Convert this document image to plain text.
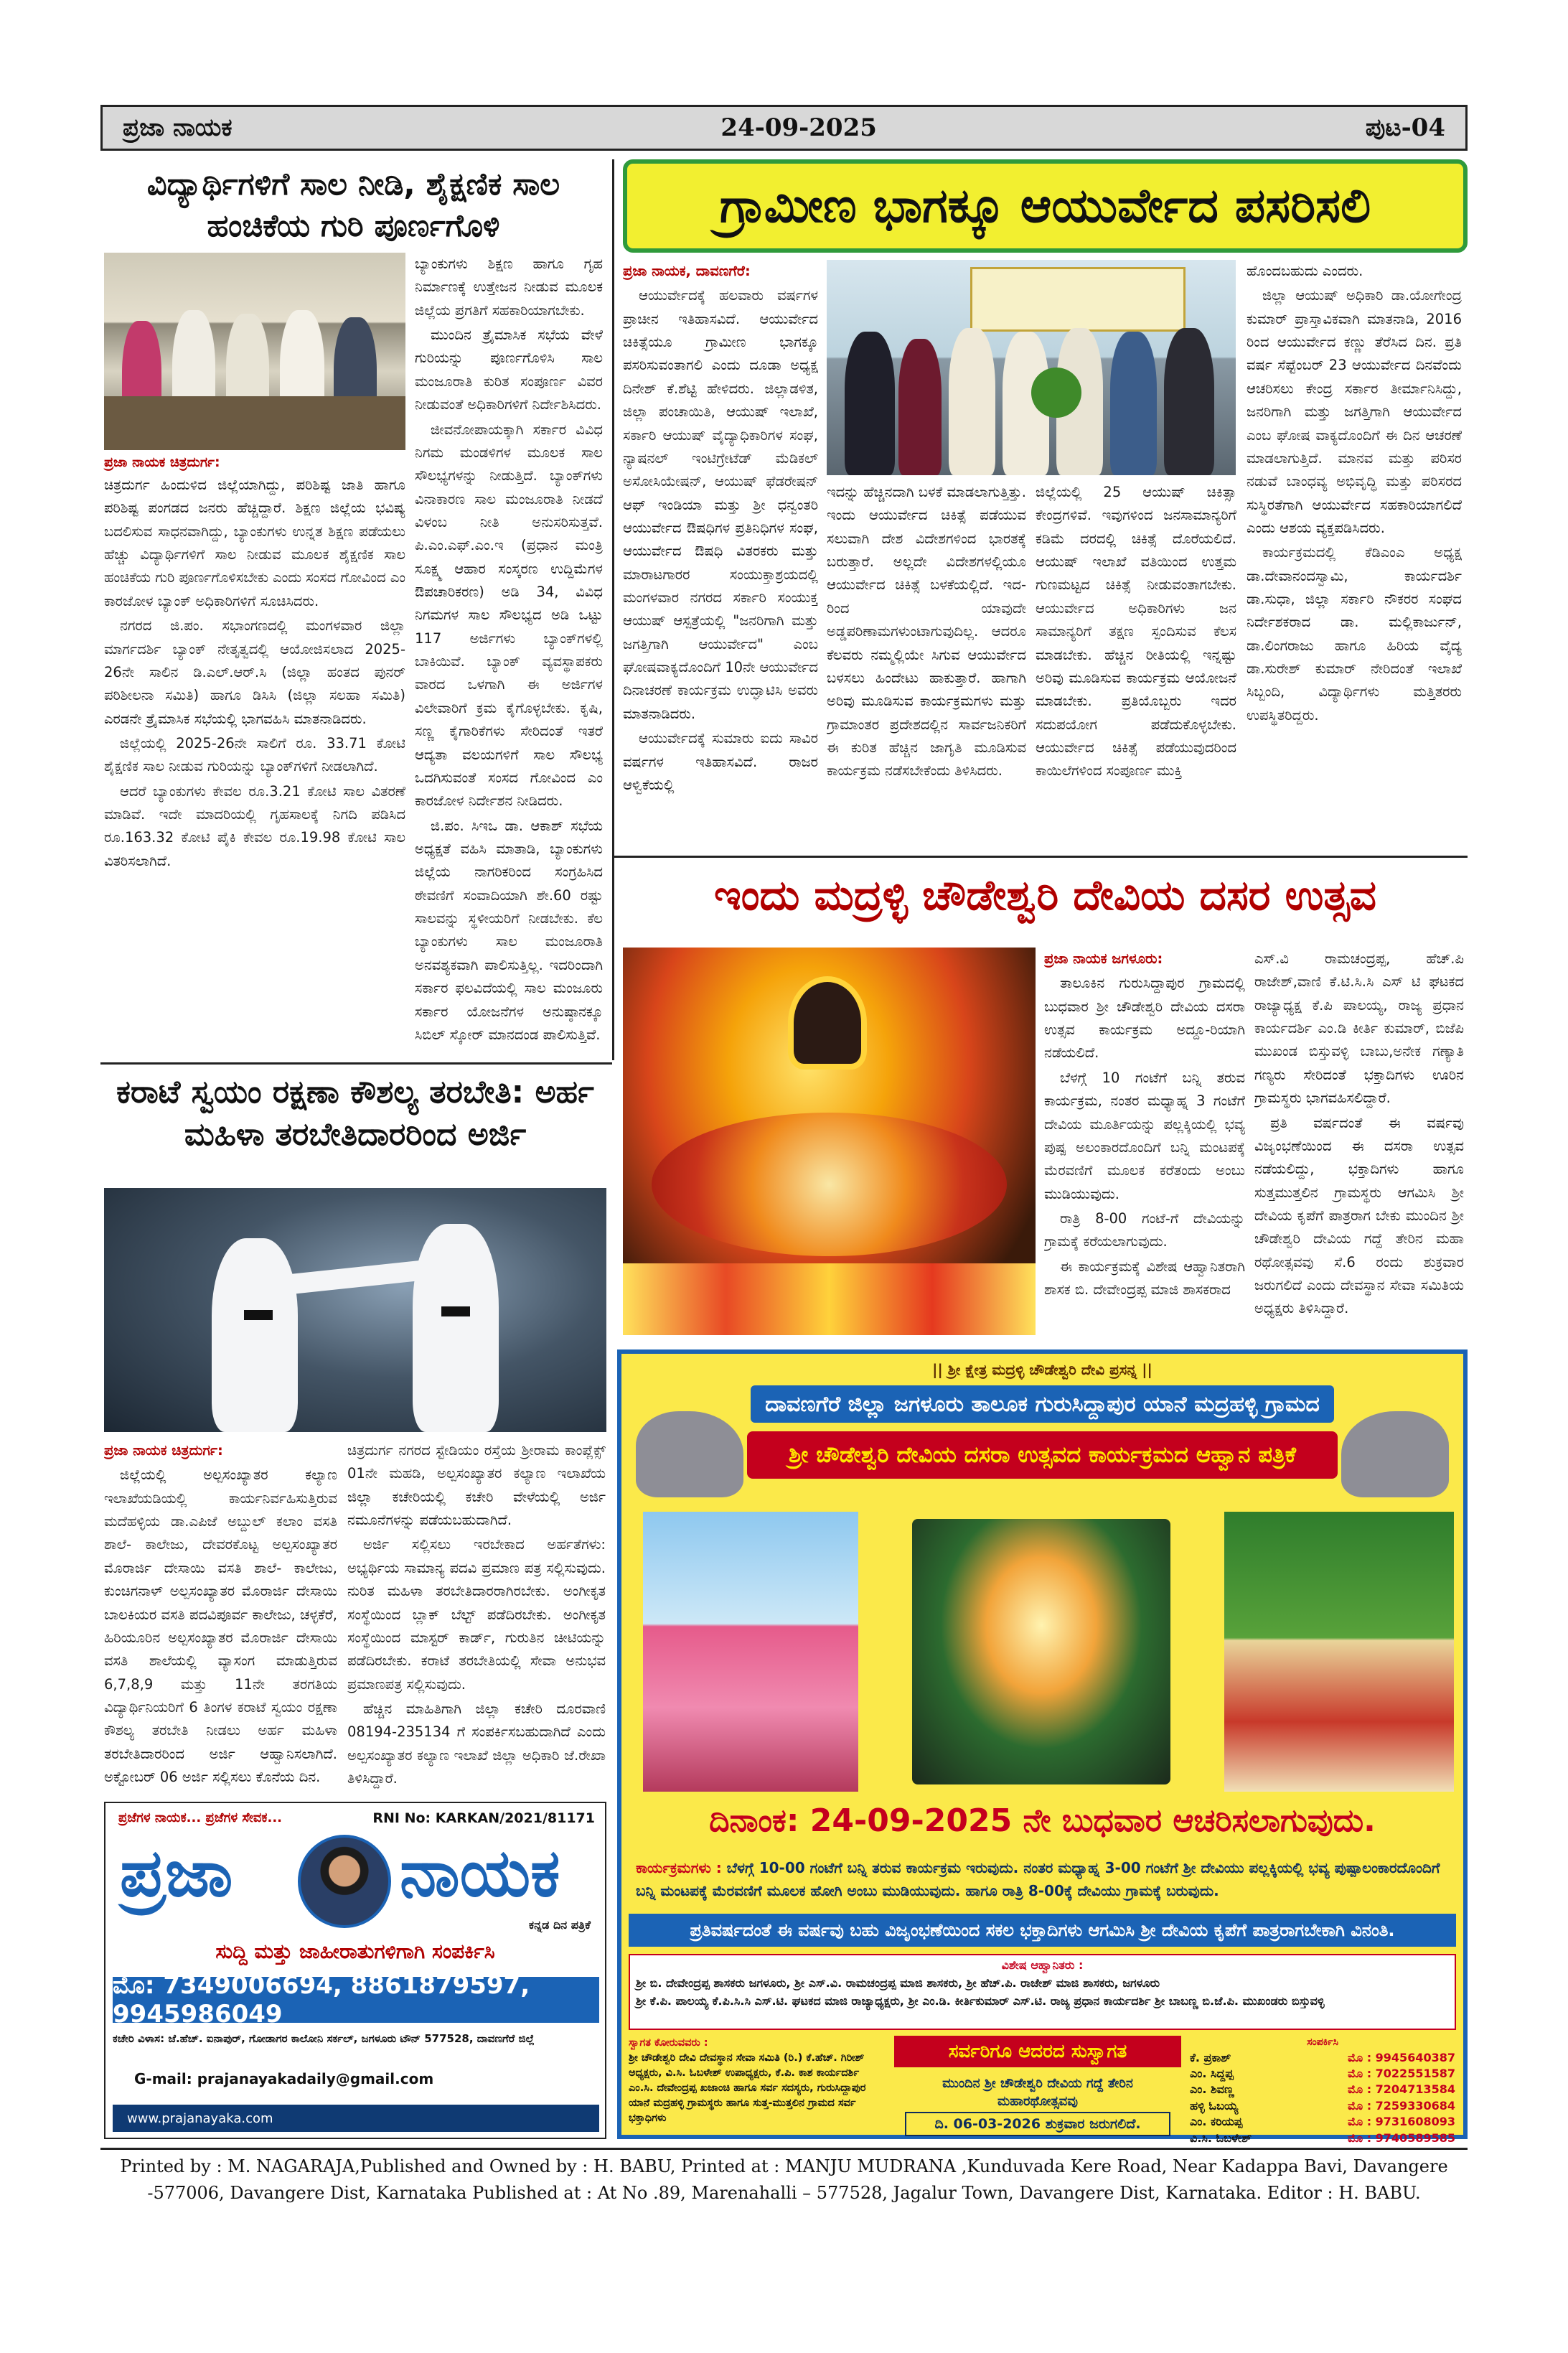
ಪ್ರಜಾ ನಾಯಕ	24-09-2025	ಪುಟ-04
ವಿದ್ಯಾರ್ಥಿಗಳಿಗೆ ಸಾಲ ನೀಡಿ, ಶೈಕ್ಷಣಿಕ ಸಾಲ ಹಂಚಿಕೆಯ ಗುರಿ ಪೂರ್ಣಗೊಳಿ
ಪ್ರಜಾ ನಾಯಕ ಚಿತ್ರದುರ್ಗ:

ಚಿತ್ರದುರ್ಗ ಹಿಂದುಳಿದ ಜಿಲ್ಲೆಯಾಗಿದ್ದು, ಪರಿಶಿಷ್ಟ ಜಾತಿ ಹಾಗೂ ಪರಿಶಿಷ್ಟ ಪಂಗಡದ ಜನರು ಹೆಚ್ಚಿದ್ದಾರೆ. ಶಿಕ್ಷಣ ಜಿಲ್ಲೆಯ ಭವಿಷ್ಯ ಬದಲಿಸುವ ಸಾಧನವಾಗಿದ್ದು, ಬ್ಯಾಂಕುಗಳು ಉನ್ನತ ಶಿಕ್ಷಣ ಪಡೆಯಲು ಹೆಚ್ಚು ವಿದ್ಯಾರ್ಥಿಗಳಿಗೆ ಸಾಲ ನೀಡುವ ಮೂಲಕ ಶೈಕ್ಷಣಿಕ ಸಾಲ ಹಂಚಿಕೆಯ ಗುರಿ ಪೂರ್ಣಗೊಳಿಸಬೇಕು ಎಂದು ಸಂಸದ ಗೋವಿಂದ ಎಂ ಕಾರಜೋಳ ಬ್ಯಾಂಕ್ ಅಧಿಕಾರಿಗಳಿಗೆ ಸೂಚಿಸಿದರು.

ನಗರದ ಜಿ.ಪಂ. ಸಭಾಂಗಣದಲ್ಲಿ ಮಂಗಳವಾರ ಜಿಲ್ಲಾ ಮಾರ್ಗದರ್ಶಿ ಬ್ಯಾಂಕ್ ನೇತೃತ್ವದಲ್ಲಿ ಆಯೋಜಿಸಲಾದ 2025-26ನೇ ಸಾಲಿನ ಡಿ.ಎಲ್.ಆರ್.ಸಿ (ಜಿಲ್ಲಾ ಹಂತದ ಪುನರ್ ಪರಿಶೀಲನಾ ಸಮಿತಿ) ಹಾಗೂ ಡಿಸಿಸಿ (ಜಿಲ್ಲಾ ಸಲಹಾ ಸಮಿತಿ) ಎರಡನೇ ತ್ರೈಮಾಸಿಕ ಸಭೆಯಲ್ಲಿ ಭಾಗವಹಿಸಿ ಮಾತನಾಡಿದರು.

ಜಿಲ್ಲೆಯಲ್ಲಿ 2025-26ನೇ ಸಾಲಿಗೆ ರೂ. 33.71 ಕೋಟಿ ಶೈಕ್ಷಣಿಕ ಸಾಲ ನೀಡುವ ಗುರಿಯನ್ನು ಬ್ಯಾಂಕ್‌ಗಳಿಗೆ ನೀಡಲಾಗಿದೆ.

ಆದರೆ ಬ್ಯಾಂಕುಗಳು ಕೇವಲ ರೂ.3.21 ಕೋಟಿ ಸಾಲ ವಿತರಣೆ ಮಾಡಿವೆ. ಇದೇ ಮಾದರಿಯಲ್ಲಿ ಗೃಹಸಾಲಕ್ಕೆ ನಿಗದಿ ಪಡಿಸಿದ ರೂ.163.32 ಕೋಟಿ ಪೈಕಿ ಕೇವಲ ರೂ.19.98 ಕೋಟಿ ಸಾಲ ವಿತರಿಸಲಾಗಿದೆ.

ಬ್ಯಾಂಕುಗಳು ಶಿಕ್ಷಣ ಹಾಗೂ ಗೃಹ ನಿರ್ಮಾಣಕ್ಕೆ ಉತ್ತೇಜನ ನೀಡುವ ಮೂಲಕ ಜಿಲ್ಲೆಯ ಪ್ರಗತಿಗೆ ಸಹಕಾರಿಯಾಗಬೇಕು.

ಮುಂದಿನ ತ್ರೈಮಾಸಿಕ ಸಭೆಯ ವೇಳೆ ಗುರಿಯನ್ನು ಪೂರ್ಣಗೊಳಿಸಿ ಸಾಲ ಮಂಜೂರಾತಿ ಕುರಿತ ಸಂಪೂರ್ಣ ವಿವರ ನೀಡುವಂತೆ ಅಧಿಕಾರಿಗಳಿಗೆ ನಿರ್ದೇಶಿಸಿದರು.

ಜೀವನೋಪಾಯಕ್ಕಾಗಿ ಸರ್ಕಾರ ವಿವಿಧ ನಿಗಮ ಮಂಡಳಿಗಳ ಮೂಲಕ ಸಾಲ ಸೌಲಭ್ಯಗಳನ್ನು ನೀಡುತ್ತಿದೆ. ಬ್ಯಾಂಕ್‌ಗಳು ವಿನಾಕಾರಣ ಸಾಲ ಮಂಜೂರಾತಿ ನೀಡದೆ ವಿಳಂಬ ನೀತಿ ಅನುಸರಿಸುತ್ತವೆ. ಪಿ.ಎಂ.ಎಫ್.ಎಂ.ಇ (ಪ್ರಧಾನ ಮಂತ್ರಿ ಸೂಕ್ಷ್ಮ ಆಹಾರ ಸಂಸ್ಕರಣ ಉದ್ದಿಮೆಗಳ ಔಪಚಾರಿಕರಣ) ಅಡಿ 34, ವಿವಿಧ ನಿಗಮಗಳ ಸಾಲ ಸೌಲಭ್ಯದ ಅಡಿ ಒಟ್ಟು 117 ಅರ್ಜಿಗಳು ಬ್ಯಾಂಕ್‌ಗಳಲ್ಲಿ ಬಾಕಿಯಿವೆ. ಬ್ಯಾಂಕ್ ವ್ಯವಸ್ಥಾಪಕರು ವಾರದ ಒಳಗಾಗಿ ಈ ಅರ್ಜಿಗಳ ವಿಲೇವಾರಿಗೆ ಕ್ರಮ ಕೈಗೊಳ್ಳಬೇಕು. ಕೃಷಿ, ಸಣ್ಣ ಕೈಗಾರಿಕೆಗಳು ಸೇರಿದಂತೆ ಇತರೆ ಆದ್ಯತಾ ವಲಯಗಳಿಗೆ ಸಾಲ ಸೌಲಭ್ಯ ಒದಗಿಸುವಂತೆ ಸಂಸದ ಗೋವಿಂದ ಎಂ ಕಾರಜೋಳ ನಿರ್ದೇಶನ ನೀಡಿದರು.

ಜಿ.ಪಂ. ಸಿಇಒ ಡಾ. ಆಕಾಶ್ ಸಭೆಯ ಅಧ್ಯಕ್ಷತೆ ವಹಿಸಿ ಮಾತಾಡಿ, ಬ್ಯಾಂಕುಗಳು ಜಿಲ್ಲೆಯ ನಾಗರಿಕರಿಂದ ಸಂಗ್ರಹಿಸಿದ ಠೇವಣಿಗೆ ಸಂವಾದಿಯಾಗಿ ಶೇ.60 ರಷ್ಟು ಸಾಲವನ್ನು ಸ್ಥಳೀಯರಿಗೆ ನೀಡಬೇಕು. ಕೆಲ ಬ್ಯಾಂಕುಗಳು ಸಾಲ ಮಂಜೂರಾತಿ ಅನವಶ್ಯಕವಾಗಿ ಪಾಲಿಸುತ್ತಿಲ್ಲ. ಇದರಿಂದಾಗಿ ಸರ್ಕಾರ ಫಲವಿದೆಯಲ್ಲಿ ಸಾಲ ಮಂಜೂರು ಸರ್ಕಾರ ಯೋಜನೆಗಳ ಅನುಷ್ಠಾನಕ್ಕೂ ಸಿಬಿಲ್ ಸ್ಕೋರ್ ಮಾನದಂಡ ಪಾಲಿಸುತ್ತಿವೆ.

ಗ್ರಾಮೀಣ ಭಾಗಕ್ಕೂ ಆಯುರ್ವೇದ ಪಸರಿಸಲಿ

ಪ್ರಜಾ ನಾಯಕ, ದಾವಣಗೆರೆ:

ಆಯುರ್ವೇದಕ್ಕೆ ಹಲವಾರು ವರ್ಷಗಳ ಪ್ರಾಚೀನ ಇತಿಹಾಸವಿದೆ. ಆಯುರ್ವೇದ ಚಿಕಿತ್ಸೆಯೂ ಗ್ರಾಮೀಣ ಭಾಗಕ್ಕೂ ಪಸರಿಸುವಂತಾಗಲಿ ಎಂದು ದೂಡಾ ಅಧ್ಯಕ್ಷ ದಿನೇಶ್ ಕೆ.ಶೆಟ್ಟಿ ಹೇಳಿದರು. ಜಿಲ್ಲಾಡಳಿತ, ಜಿಲ್ಲಾ ಪಂಚಾಯಿತಿ, ಆಯುಷ್ ಇಲಾಖೆ, ಸರ್ಕಾರಿ ಆಯುಷ್ ವೈದ್ಯಾಧಿಕಾರಿಗಳ ಸಂಘ, ನ್ಯಾಷನಲ್ ಇಂಟಿಗ್ರೇಟೆಡ್ ಮೆಡಿಕಲ್ ಅಸೋಸಿಯೇಷನ್, ಆಯುಷ್ ಫೆಡರೇಷನ್ ಆಫ್ ಇಂಡಿಯಾ ಮತ್ತು ಶ್ರೀ ಧನ್ವಂತರಿ ಆಯುರ್ವೇದ ಔಷಧಿಗಳ ಪ್ರತಿನಿಧಿಗಳ ಸಂಘ, ಆಯುರ್ವೇದ ಔಷಧಿ ವಿತರಕರು ಮತ್ತು ಮಾರಾಟಗಾರರ ಸಂಯುಕ್ತಾಶ್ರಯದಲ್ಲಿ ಮಂಗಳವಾರ ನಗರದ ಸರ್ಕಾರಿ ಸಂಯುಕ್ತ ಆಯುಷ್ ಆಸ್ಪತ್ರೆಯಲ್ಲಿ "ಜನರಿಗಾಗಿ ಮತ್ತು ಜಗತ್ತಿಗಾಗಿ ಆಯುರ್ವೇದ" ಎಂಬ ಘೋಷವಾಕ್ಯದೊಂದಿಗೆ 10ನೇ ಆಯುರ್ವೇದ ದಿನಾಚರಣೆ ಕಾರ್ಯಕ್ರಮ ಉದ್ಘಾಟಿಸಿ ಅವರು ಮಾತನಾಡಿದರು.

ಆಯುರ್ವೇದಕ್ಕೆ ಸುಮಾರು ಐದು ಸಾವಿರ ವರ್ಷಗಳ ಇತಿಹಾಸವಿದೆ. ರಾಜರ ಆಳ್ವಿಕೆಯಲ್ಲಿ

ಇದನ್ನು ಹೆಚ್ಚಿನದಾಗಿ ಬಳಕೆ ಮಾಡಲಾಗುತ್ತಿತ್ತು. ಇಂದು ಆಯುರ್ವೇದ ಚಿಕಿತ್ಸೆ ಪಡೆಯುವ ಸಲುವಾಗಿ ದೇಶ ವಿದೇಶಗಳಿಂದ ಭಾರತಕ್ಕೆ ಬರುತ್ತಾರೆ. ಅಲ್ಲದೇ ವಿದೇಶಗಳಲ್ಲಿಯೂ ಆಯುರ್ವೇದ ಚಿಕಿತ್ಸೆ ಬಳಕೆಯಲ್ಲಿದೆ. ಇದ-ರಿಂದ ಯಾವುದೇ ಅಡ್ಡಪರಿಣಾಮಗಳುಂಟಾಗುವುದಿಲ್ಲ. ಆದರೂ ಕೆಲವರು ನಮ್ಮಲ್ಲಿಯೇ ಸಿಗುವ ಆಯುರ್ವೇದ ಬಳಸಲು ಹಿಂದೇಟು ಹಾಕುತ್ತಾರೆ. ಹಾಗಾಗಿ ಅರಿವು ಮೂಡಿಸುವ ಕಾರ್ಯಕ್ರಮಗಳು ಮತ್ತು ಗ್ರಾಮಾಂತರ ಪ್ರದೇಶದಲ್ಲಿನ ಸಾರ್ವಜನಿಕರಿಗೆ ಈ ಕುರಿತ ಹೆಚ್ಚಿನ ಜಾಗೃತಿ ಮೂಡಿಸುವ ಕಾರ್ಯಕ್ರಮ ನಡೆಸಬೇಕೆಂದು ತಿಳಿಸಿದರು.

ಜಿಲ್ಲೆಯಲ್ಲಿ 25 ಆಯುಷ್ ಚಿಕಿತ್ಸಾ ಕೇಂದ್ರಗಳಿವೆ. ಇವುಗಳಿಂದ ಜನಸಾಮಾನ್ಯರಿಗೆ ಕಡಿಮೆ ದರದಲ್ಲಿ ಚಿಕಿತ್ಸೆ ದೊರೆಯಲಿದೆ. ಆಯುಷ್ ಇಲಾಖೆ ವತಿಯಿಂದ ಉತ್ತಮ ಗುಣಮಟ್ಟದ ಚಿಕಿತ್ಸೆ ನೀಡುವಂತಾಗಬೇಕು. ಆಯುರ್ವೇದ ಅಧಿಕಾರಿಗಳು ಜನ ಸಾಮಾನ್ಯರಿಗೆ ತಕ್ಷಣ ಸ್ಪಂದಿಸುವ ಕೆಲಸ ಮಾಡಬೇಕು. ಹೆಚ್ಚಿನ ರೀತಿಯಲ್ಲಿ ಇನ್ನಷ್ಟು ಅರಿವು ಮೂಡಿಸುವ ಕಾರ್ಯಕ್ರಮ ಆಯೋಜನೆ ಮಾಡಬೇಕು. ಪ್ರತಿಯೊಬ್ಬರು ಇದರ ಸದುಪಯೋಗ ಪಡೆದುಕೊಳ್ಳಬೇಕು. ಆಯುರ್ವೇದ ಚಿಕಿತ್ಸೆ ಪಡೆಯುವುದರಿಂದ ಕಾಯಿಲೆಗಳಿಂದ ಸಂಪೂರ್ಣ ಮುಕ್ತಿ

ಹೊಂದಬಹುದು ಎಂದರು.

ಜಿಲ್ಲಾ ಆಯುಷ್ ಅಧಿಕಾರಿ ಡಾ.ಯೋಗೇಂದ್ರ ಕುಮಾರ್ ಪ್ರಾಸ್ತಾವಿಕವಾಗಿ ಮಾತನಾಡಿ, 2016 ರಿಂದ ಆಯುರ್ವೇದ ಕಣ್ಣು ತೆರೆಸಿದ ದಿನ. ಪ್ರತಿ ವರ್ಷ ಸೆಪ್ಟೆಂಬರ್ 23 ಆಯುರ್ವೇದ ದಿನವೆಂದು ಆಚರಿಸಲು ಕೇಂದ್ರ ಸರ್ಕಾರ ತೀರ್ಮಾನಿಸಿದ್ದು, ಜನರಿಗಾಗಿ ಮತ್ತು ಜಗತ್ತಿಗಾಗಿ ಆಯುರ್ವೇದ ಎಂಬ ಘೋಷ ವಾಕ್ಯದೊಂದಿಗೆ ಈ ದಿನ ಆಚರಣೆ ಮಾಡಲಾಗುತ್ತಿದೆ. ಮಾನವ ಮತ್ತು ಪರಿಸರ ನಡುವೆ ಬಾಂಧವ್ಯ ಅಭಿವೃದ್ಧಿ ಮತ್ತು ಪರಿಸರದ ಸುಸ್ಥಿರತೆಗಾಗಿ ಆಯುರ್ವೇದ ಸಹಕಾರಿಯಾಗಲಿದೆ ಎಂದು ಆಶಯ ವ್ಯಕ್ತಪಡಿಸಿದರು.

ಕಾರ್ಯಕ್ರಮದಲ್ಲಿ ಕೆಡಿಎಂಎ ಅಧ್ಯಕ್ಷ ಡಾ.ದೇವಾನಂದಸ್ವಾಮಿ, ಕಾರ್ಯದರ್ಶಿ ಡಾ.ಸುಧಾ, ಜಿಲ್ಲಾ ಸರ್ಕಾರಿ ನೌಕರರ ಸಂಘದ ನಿರ್ದೇಶಕರಾದ ಡಾ. ಮಲ್ಲಿಕಾರ್ಜುನ್, ಡಾ.ಲಿಂಗರಾಜು ಹಾಗೂ ಹಿರಿಯ ವೈದ್ಯ ಡಾ.ಸುರೇಶ್ ಕುಮಾರ್ ನೇರಿದಂತೆ ಇಲಾಖೆ ಸಿಬ್ಬಂದಿ, ವಿದ್ಯಾರ್ಥಿಗಳು ಮತ್ತಿತರರು ಉಪಸ್ಥಿತರಿದ್ದರು.

ಇಂದು ಮದ್ರಳ್ಳಿ ಚೌಡೇಶ್ವರಿ ದೇವಿಯ ದಸರ ಉತ್ಸವ

ಪ್ರಜಾ ನಾಯಕ ಜಗಳೂರು:

ತಾಲೂಕಿನ ಗುರುಸಿದ್ದಾಪುರ ಗ್ರಾಮದಲ್ಲಿ ಬುಧವಾರ ಶ್ರೀ ಚೌಡೇಶ್ವರಿ ದೇವಿಯ ದಸರಾ ಉತ್ಸವ ಕಾರ್ಯಕ್ರಮ ಅದ್ದೂ-ರಿಯಾಗಿ ನಡೆಯಲಿದೆ.

ಬೆಳಗ್ಗೆ 10 ಗಂಟೆಗೆ ಬನ್ನಿ ತರುವ ಕಾರ್ಯಕ್ರಮ, ನಂತರ ಮಧ್ಯಾಹ್ನ 3 ಗಂಟೆಗೆ ದೇವಿಯ ಮೂರ್ತಿಯನ್ನು ಪಲ್ಲಕ್ಕಿಯಲ್ಲಿ ಭವ್ಯ ಪುಷ್ಪ ಅಲಂಕಾರದೊಂದಿಗೆ ಬನ್ನಿ ಮಂಟಪಕ್ಕೆ ಮೆರವಣಿಗೆ ಮೂಲಕ ಕರೆತಂದು ಅಂಬು ಮುಡಿಯುವುದು.

ರಾತ್ರಿ 8-00 ಗಂಟೆ-ಗೆ ದೇವಿಯನ್ನು ಗ್ರಾಮಕ್ಕೆ ಕರೆಯಲಾಗುವುದು.

ಈ ಕಾರ್ಯಕ್ರಮಕ್ಕೆ ವಿಶೇಷ ಆಹ್ವಾನಿತರಾಗಿ ಶಾಸಕ ಬಿ. ದೇವೇಂದ್ರಪ್ಪ ಮಾಜಿ ಶಾಸಕರಾದ

ಎಸ್.ವಿ ರಾಮಚಂದ್ರಪ್ಪ, ಹೆಚ್.ಪಿ ರಾಜೇಶ್,ವಾಣಿ ಕೆ.ಟಿ.ಸಿ.ಸಿ ಎಸ್ ಟಿ ಘಟಕದ ರಾಜ್ಯಾಧ್ಯಕ್ಷ ಕೆ.ಪಿ ಪಾಲಯ್ಯ, ರಾಜ್ಯ ಪ್ರಧಾನ ಕಾರ್ಯದರ್ಶಿ ಎಂ.ಡಿ ಕೀರ್ತಿ ಕುಮಾರ್, ಬಿಜೆಪಿ ಮುಖಂಡ ಬಿಸ್ತುವಳ್ಳಿ ಬಾಬು,ಅನೇಕ ಗಣ್ಯಾತಿ ಗಣ್ಯರು ಸೇರಿದಂತೆ ಭಕ್ತಾದಿಗಳು ಊರಿನ ಗ್ರಾಮಸ್ಥರು ಭಾಗವಹಿಸಲಿದ್ದಾರೆ.

ಪ್ರತಿ ವರ್ಷದಂತೆ ಈ ವರ್ಷವು ವಿಜೃಂಭಣೆಯಿಂದ ಈ ದಸರಾ ಉತ್ಸವ ನಡೆಯಲಿದ್ದು, ಭಕ್ತಾದಿಗಳು ಹಾಗೂ ಸುತ್ತಮುತ್ತಲಿನ ಗ್ರಾಮಸ್ಥರು ಆಗಮಿಸಿ ಶ್ರೀ ದೇವಿಯ ಕೃಪೆಗೆ ಪಾತ್ರರಾಗ ಬೇಕು ಮುಂದಿನ ಶ್ರೀ ಚೌಡೇಶ್ವರಿ ದೇವಿಯ ಗದ್ದೆ ತೇರಿನ ಮಹಾ ರಥೋತ್ಸವವು ಸೆ.6 ರಂದು ಶುಕ್ರವಾರ ಜರುಗಲಿದೆ ಎಂದು ದೇವಸ್ಥಾನ ಸೇವಾ ಸಮಿತಿಯ ಅಧ್ಯಕ್ಷರು ತಿಳಿಸಿದ್ದಾರೆ.

ಕರಾಟೆ ಸ್ವಯಂ ರಕ್ಷಣಾ ಕೌಶಲ್ಯ ತರಬೇತಿ: ಅರ್ಹ ಮಹಿಳಾ ತರಬೇತಿದಾರರಿಂದ ಅರ್ಜಿ

ಪ್ರಜಾ ನಾಯಕ ಚಿತ್ರದುರ್ಗ:

ಜಿಲ್ಲೆಯಲ್ಲಿ ಅಲ್ಪಸಂಖ್ಯಾತರ ಕಲ್ಯಾಣ ಇಲಾಖೆಯಡಿಯಲ್ಲಿ ಕಾರ್ಯನಿರ್ವಹಿಸುತ್ತಿರುವ ಮದೆಹಳ್ಳಿಯ ಡಾ.ಎಪಿಜೆ ಅಬ್ದುಲ್ ಕಲಾಂ ವಸತಿ ಶಾಲೆ- ಕಾಲೇಜು, ದೇವರಕೊಟ್ಟ ಅಲ್ಪಸಂಖ್ಯಾತರ ಮೊರಾರ್ಜಿ ದೇಸಾಯಿ ವಸತಿ ಶಾಲೆ- ಕಾಲೇಜು, ಕುಂಚಿಗನಾಳ್ ಅಲ್ಪಸಂಖ್ಯಾತರ ಮೊರಾರ್ಜಿ ದೇಸಾಯಿ ಬಾಲಕಿಯರ ವಸತಿ ಪದವಿಪೂರ್ವ ಕಾಲೇಜು, ಚಳ್ಳಕೆರೆ, ಹಿರಿಯೂರಿನ ಅಲ್ಪಸಂಖ್ಯಾತರ ಮೊರಾರ್ಜಿ ದೇಸಾಯಿ ವಸತಿ ಶಾಲೆಯಲ್ಲಿ ವ್ಯಾಸಂಗ ಮಾಡುತ್ತಿರುವ 6,7,8,9 ಮತ್ತು 11ನೇ ತರಗತಿಯ ವಿದ್ಯಾರ್ಥಿನಿಯರಿಗೆ 6 ತಿಂಗಳ ಕರಾಟೆ ಸ್ವಯಂ ರಕ್ಷಣಾ ಕೌಶಲ್ಯ ತರಬೇತಿ ನೀಡಲು ಅರ್ಹ ಮಹಿಳಾ ತರಬೇತಿದಾರರಿಂದ ಅರ್ಜಿ ಆಹ್ವಾನಿಸಲಾಗಿದೆ. ಅಕ್ಟೋಬರ್ 06 ಅರ್ಜಿ ಸಲ್ಲಿಸಲು ಕೊನೆಯ ದಿನ.

ಚಿತ್ರದುರ್ಗ ನಗರದ ಸ್ಟೇಡಿಯಂ ರಸ್ತೆಯ ಶ್ರೀರಾಮ ಕಾಂಪ್ಲೆಕ್ಸ್ 01ನೇ ಮಹಡಿ, ಅಲ್ಪಸಂಖ್ಯಾತರ ಕಲ್ಯಾಣ ಇಲಾಖೆಯ ಜಿಲ್ಲಾ ಕಚೇರಿಯಲ್ಲಿ ಕಚೇರಿ ವೇಳೆಯಲ್ಲಿ ಅರ್ಜಿ ನಮೂನೆಗಳನ್ನು ಪಡೆಯಬಹುದಾಗಿದೆ.

ಅರ್ಜಿ ಸಲ್ಲಿಸಲು ಇರಬೇಕಾದ ಅರ್ಹತೆಗಳು: ಅಭ್ಯರ್ಥಿಯ ಸಾಮಾನ್ಯ ಪದವಿ ಪ್ರಮಾಣ ಪತ್ರ ಸಲ್ಲಿಸುವುದು. ನುರಿತ ಮಹಿಳಾ ತರಬೇತಿದಾರರಾಗಿರಬೇಕು. ಅಂಗೀಕೃತ ಸಂಸ್ಥೆಯಿಂದ ಬ್ಲಾಕ್ ಬೆಲ್ಟ್ ಪಡೆದಿರಬೇಕು. ಅಂಗೀಕೃತ ಸಂಸ್ಥೆಯಿಂದ ಮಾಸ್ಟರ್ ಕಾರ್ಡ್, ಗುರುತಿನ ಚೀಟಿಯನ್ನು ಪಡೆದಿರಬೇಕು. ಕರಾಟೆ ತರಬೇತಿಯಲ್ಲಿ ಸೇವಾ ಅನುಭವ ಪ್ರಮಾಣಪತ್ರ ಸಲ್ಲಿಸುವುದು.

ಹೆಚ್ಚಿನ ಮಾಹಿತಿಗಾಗಿ ಜಿಲ್ಲಾ ಕಚೇರಿ ದೂರವಾಣಿ 08194-235134 ಗೆ ಸಂಪರ್ಕಿಸಬಹುದಾಗಿದೆ ಎಂದು ಅಲ್ಪಸಂಖ್ಯಾತರ ಕಲ್ಯಾಣ ಇಲಾಖೆ ಜಿಲ್ಲಾ ಅಧಿಕಾರಿ ಜೆ.ರೇಖಾ ತಿಳಿಸಿದ್ದಾರೆ.

ಪ್ರಜೆಗಳ ನಾಯಕ... ಪ್ರಜೆಗಳ ಸೇವಕ...	RNI No: KARKAN/2021/81171
ಪ್ರಜಾ	ನಾಯಕ
ಕನ್ನಡ ದಿನ ಪತ್ರಿಕೆ
ಸುದ್ದಿ ಮತ್ತು ಜಾಹೀರಾತುಗಳಿಗಾಗಿ ಸಂಪರ್ಕಿಸಿ
ಮೊ: 7349006694, 8861879597, 9945986049
ಕಚೇರಿ ವಿಳಾಸ: ಜೆ.ಹೆಚ್. ಐನಾಪುರ್, ಗೋಡಾಗರ ಕಾಲೋನಿ ಸರ್ಕಲ್, ಜಗಳೂರು ಟೌನ್ 577528, ದಾವಣಗೆರೆ ಜಿಲ್ಲೆ
G-mail: prajanayakadaily@gmail.com
www.prajanayaka.com
|| ಶ್ರೀ ಕ್ಷೇತ್ರ ಮದ್ರಳ್ಳಿ ಚೌಡೇಶ್ವರಿ ದೇವಿ ಪ್ರಸನ್ನ ||
ದಾವಣಗೆರೆ ಜಿಲ್ಲಾ ಜಗಳೂರು ತಾಲೂಕ ಗುರುಸಿದ್ದಾಪುರ ಯಾನೆ ಮದ್ರಹಳ್ಳಿ ಗ್ರಾಮದ
ಶ್ರೀ ಚೌಡೇಶ್ವರಿ ದೇವಿಯ ದಸರಾ ಉತ್ಸವದ ಕಾರ್ಯಕ್ರಮದ ಆಹ್ವಾನ ಪತ್ರಿಕೆ
ದಿನಾಂಕ: 24-09-2025 ನೇ ಬುಧವಾರ ಆಚರಿಸಲಾಗುವುದು.
ಕಾರ್ಯಕ್ರಮಗಳು : ಬೆಳಗ್ಗೆ 10-00 ಗಂಟೆಗೆ ಬನ್ನಿ ತರುವ ಕಾರ್ಯಕ್ರಮ ಇರುವುದು. ನಂತರ ಮಧ್ಯಾಹ್ನ 3-00 ಗಂಟೆಗೆ ಶ್ರೀ ದೇವಿಯು ಪಲ್ಲಕ್ಕಿಯಲ್ಲಿ ಭವ್ಯ ಪುಷ್ಪಾಲಂಕಾರದೊಂದಿಗೆ ಬನ್ನಿ ಮಂಟಪಕ್ಕೆ ಮೆರವಣಿಗೆ ಮೂಲಕ ಹೋಗಿ ಅಂಬು ಮುಡಿಯುವುದು. ಹಾಗೂ ರಾತ್ರಿ 8-00ಕ್ಕೆ ದೇವಿಯು ಗ್ರಾಮಕ್ಕೆ ಬರುವುದು.
ಪ್ರತಿವರ್ಷದಂತೆ ಈ ವರ್ಷವು ಬಹು ವಿಜೃಂಭಣೆಯಿಂದ ಸಕಲ ಭಕ್ತಾದಿಗಳು ಆಗಮಿಸಿ ಶ್ರೀ ದೇವಿಯ ಕೃಪೆಗೆ ಪಾತ್ರರಾಗಬೇಕಾಗಿ ವಿನಂತಿ.
ವಿಶೇಷ ಆಹ್ವಾನಿತರು :
ಶ್ರೀ ಬಿ. ದೇವೇಂದ್ರಪ್ಪ ಶಾಸಕರು ಜಗಳೂರು, ಶ್ರೀ ಎಸ್.ವಿ. ರಾಮಚಂದ್ರಪ್ಪ ಮಾಜಿ ಶಾಸಕರು, ಶ್ರೀ ಹೆಚ್.ಪಿ. ರಾಜೇಶ್ ಮಾಜಿ ಶಾಸಕರು, ಜಗಳೂರು
ಶ್ರೀ ಕೆ.ಪಿ. ಪಾಲಯ್ಯ ಕೆ.ಪಿ.ಸಿ.ಸಿ ಎಸ್.ಟಿ. ಘಟಕದ ಮಾಜಿ ರಾಜ್ಯಾಧ್ಯಕ್ಷರು, ಶ್ರೀ ಎಂ.ಡಿ. ಕೀರ್ತಿಕುಮಾರ್ ಎಸ್.ಟಿ. ರಾಜ್ಯ ಪ್ರಧಾನ ಕಾರ್ಯದರ್ಶಿ ಶ್ರೀ ಬಾಬಣ್ಣ ಬಿ.ಜೆ.ಪಿ. ಮುಖಂಡರು ಬಿಸ್ತುವಳ್ಳಿ
ಸ್ವಾಗತ ಕೋರುವವರು :
ಶ್ರೀ ಚೌಡೇಶ್ವರಿ ದೇವಿ ದೇವಸ್ಥಾನ ಸೇವಾ ಸಮಿತಿ (ರಿ.) ಕೆ.ಹೆಚ್. ಗಿರೀಶ್ ಅಧ್ಯಕ್ಷರು, ವಿ.ಸಿ. ಓಬಳೇಶ್ ಉಪಾಧ್ಯಕ್ಷರು, ಕೆ.ಪಿ. ಕಾಶ ಕಾರ್ಯದರ್ಶಿ ಎಂ.ಸಿ. ದೇವೇಂದ್ರಪ್ಪ ಖಜಾಂಚಿ ಹಾಗೂ ಸರ್ವ ಸದಸ್ಯರು, ಗುರುಸಿದ್ದಾಪುರ ಯಾನೆ ಮದ್ರಹಳ್ಳಿ ಗ್ರಾಮಸ್ಥರು ಹಾಗೂ ಸುತ್ತ-ಮುತ್ತಲಿನ ಗ್ರಾಮದ ಸರ್ವ ಭಕ್ತಾಧಿಗಳು
ಸರ್ವರಿಗೂ ಆದರದ ಸುಸ್ವಾಗತ
ಮುಂದಿನ ಶ್ರೀ ಚೌಡೇಶ್ವರಿ ದೇವಿಯ ಗದ್ದೆ ತೇರಿನ ಮಹಾರಥೋತ್ಸವವು
ದಿ. 06-03-2026 ಶುಕ್ರವಾರ ಜರುಗಲಿದೆ.
ಸಂಪರ್ಕಿಸಿ
ಕೆ. ಪ್ರಕಾಶ್	ಮೊ : 9945640387
ಎಂ. ಸಿದ್ದಪ್ಪ	ಮೊ : 7022551587
ಎಂ. ಶಿವಣ್ಣ	ಮೊ : 7204713584
ಹಳ್ಳಿ ಓಬಯ್ಯ	ಮೊ : 7259330684
ಎಂ. ಕರಿಯಪ್ಪ	ಮೊ : 9731608093
ವಿ.ಸಿ. ಓಬಳೇಶ್	ಮೊ : 9740589585
Printed by : M. NAGARAJA,Published and Owned by : H. BABU, Printed at : MANJU MUDRANA ,Kunduvada Kere Road, Near Kadappa Bavi, Davangere
-577006, Davangere Dist, Karnataka Published at : At No .89, Marenahalli – 577528, Jagalur Town, Davangere Dist, Karnataka. Editor : H. BABU.
